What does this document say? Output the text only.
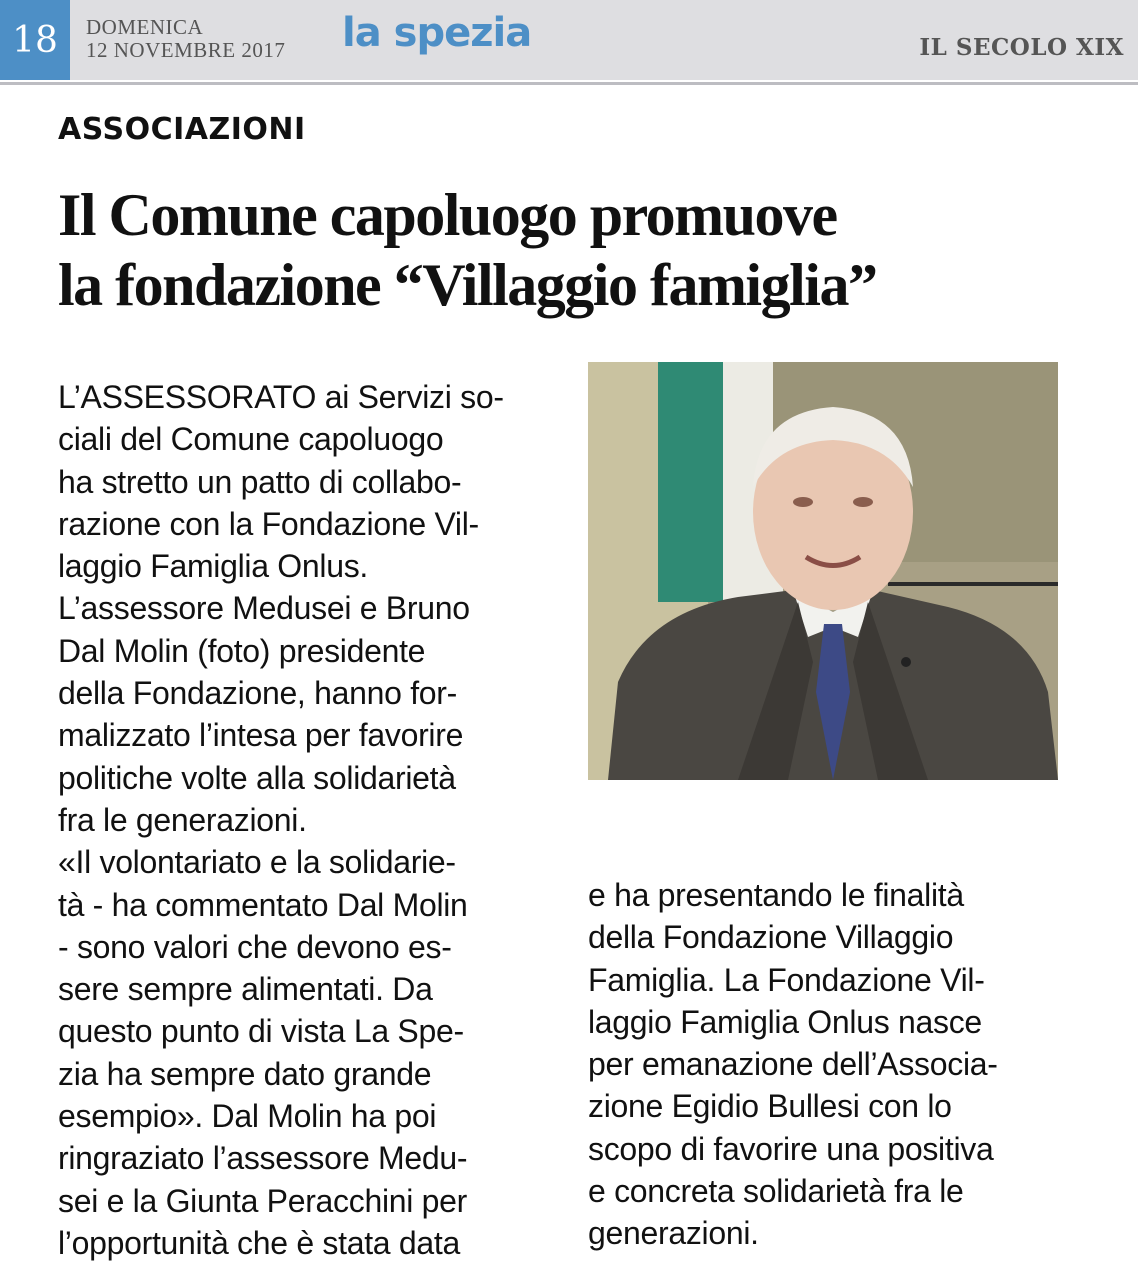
18	DOMENICA
12 NOVEMBRE 2017 la spezia	IL SECOLO XIX
ASSOCIAZIONI
Il Comune capoluogo promuove
la fondazione “Villaggio famiglia”
L’ASSESSORATO ai Servizi so-
ciali del Comune capoluogo
ha stretto un patto di collabo-
razione con la Fondazione Vil-
laggio Famiglia Onlus.
L’assessore Medusei e Bruno
Dal Molin (foto) presidente
della Fondazione, hanno for-
malizzato l’intesa per favorire
politiche volte alla solidarietà
fra le generazioni.
«Il volontariato e la solidarie-
tà - ha commentato Dal Molin
- sono valori che devono es-
sere sempre alimentati. Da
questo punto di vista La Spe-
zia ha sempre dato grande
esempio». Dal Molin ha poi
ringraziato l’assessore Medu-
sei e la Giunta Peracchini per
l’opportunità che è stata data
e ha presentando le finalità
della Fondazione Villaggio
Famiglia. La Fondazione Vil-
laggio Famiglia Onlus nasce
per emanazione dell’Associa-
zione Egidio Bullesi con lo
scopo di favorire una positiva
e concreta solidarietà fra le
generazioni.
